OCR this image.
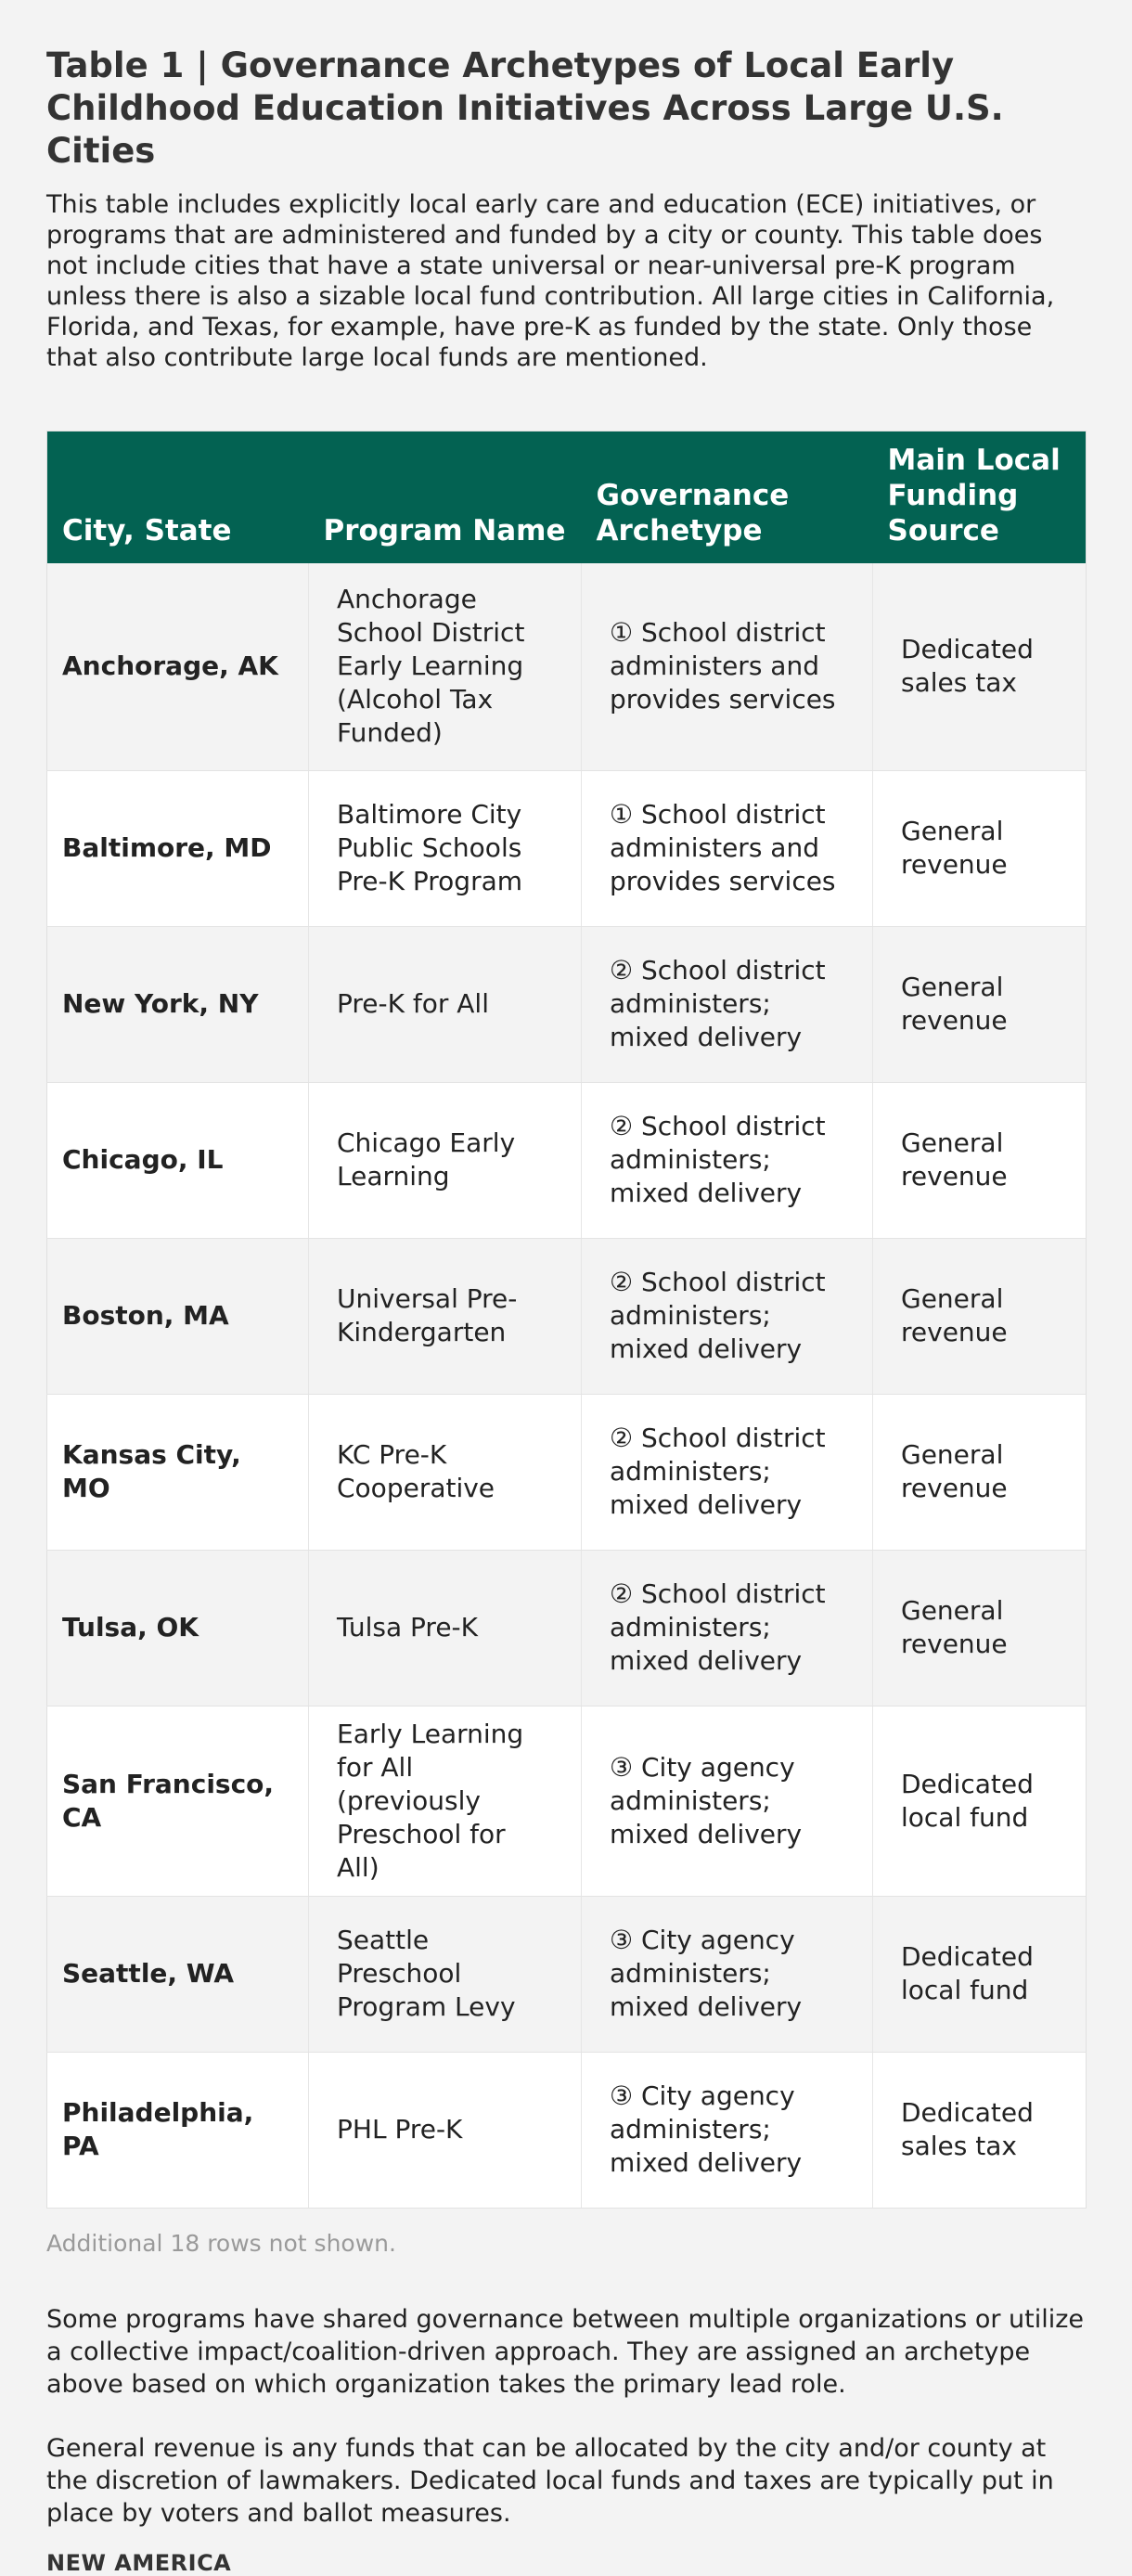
Table 1 | Governance Archetypes of Local Early Childhood Education Initiatives Across Large U.S. Cities
This table includes explicitly local early care and education (ECE) initiatives, or programs that are administered and funded by a city or county. This table does not include cities that have a state universal or near-universal pre-K program unless there is also a sizable local fund contribution. All large cities in California, Florida, and Texas, for example, have pre-K as funded by the state. Only those that also contribute large local funds are mentioned.
City, State	Program Name	Governance Archetype	Main Local Funding Source
Anchorage, AK	Anchorage School District Early Learning (Alcohol Tax Funded)	① School district administers and provides services	Dedicated sales tax
Baltimore, MD	Baltimore City Public Schools Pre-K Program	① School district administers and provides services	General revenue
New York, NY	Pre-K for All	② School district administers; mixed delivery	General revenue
Chicago, IL	Chicago Early Learning	② School district administers; mixed delivery	General revenue
Boston, MA	Universal Pre-Kindergarten	② School district administers; mixed delivery	General revenue
Kansas City, MO	KC Pre-K Cooperative	② School district administers; mixed delivery	General revenue
Tulsa, OK	Tulsa Pre-K	② School district administers; mixed delivery	General revenue
San Francisco, CA	Early Learning for All (previously Preschool for All)	③ City agency administers; mixed delivery	Dedicated local fund
Seattle, WA	Seattle Preschool Program Levy	③ City agency administers; mixed delivery	Dedicated local fund
Philadelphia, PA	PHL Pre-K	③ City agency administers; mixed delivery	Dedicated sales tax
Additional 18 rows not shown.
Some programs have shared governance between multiple organizations or utilize a collective impact/coalition-driven approach. They are assigned an archetype above based on which organization takes the primary lead role.
General revenue is any funds that can be allocated by the city and/or county at the discretion of lawmakers. Dedicated local funds and taxes are typically put in place by voters and ballot measures.
NEW AMERICA
